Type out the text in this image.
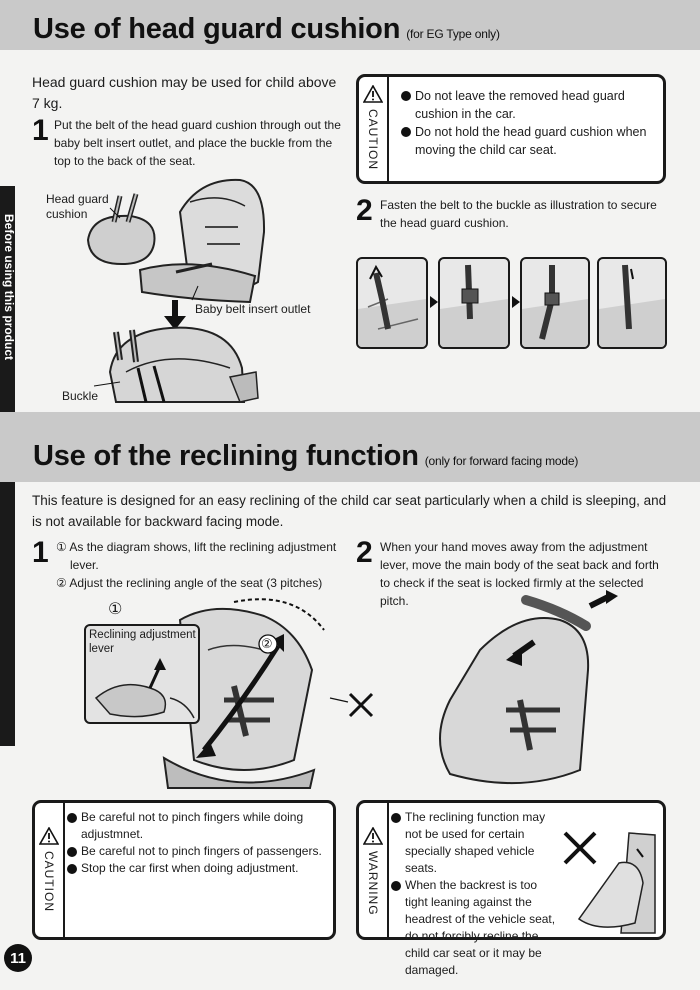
Use of head guard cushion (for EG Type only)
Before using this product
Head guard cushion may be used for child above 7 kg.
1 Put the belt of the head guard cushion through out the baby belt insert outlet, and place the buckle from the top to the back of the seat.
Head guard cushion
Baby belt insert outlet
Buckle
CAUTION
Do not leave the removed head guard cushion in the car.
Do not hold the head guard cushion when moving the child car seat.
2 Fasten the belt to the buckle as illustration to secure the head guard cushion.
Use of the reclining function (only for forward facing mode)
This feature is designed for an easy reclining of the child car seat particularly when a child is sleeping, and is not available for backward facing mode.
1 ① As the diagram shows, lift the reclining adjustment lever.
② Adjust the reclining angle of the seat (3 pitches)
①
②
Reclining adjustment lever
2 When your hand moves away from the adjustment lever, move the main body of the seat back and forth to check if the seat is locked firmly at the selected pitch.
CAUTION
Be careful not to pinch fingers while doing adjustmnet.
Be careful not to pinch fingers of passengers.
Stop the car first when doing adjustment.	WARNING
The reclining function may not be used for certain specially shaped vehicle seats.
When the backrest is too tight leaning against the headrest of the vehicle seat, do not forcibly recline the child car seat or it may be damaged.
11
